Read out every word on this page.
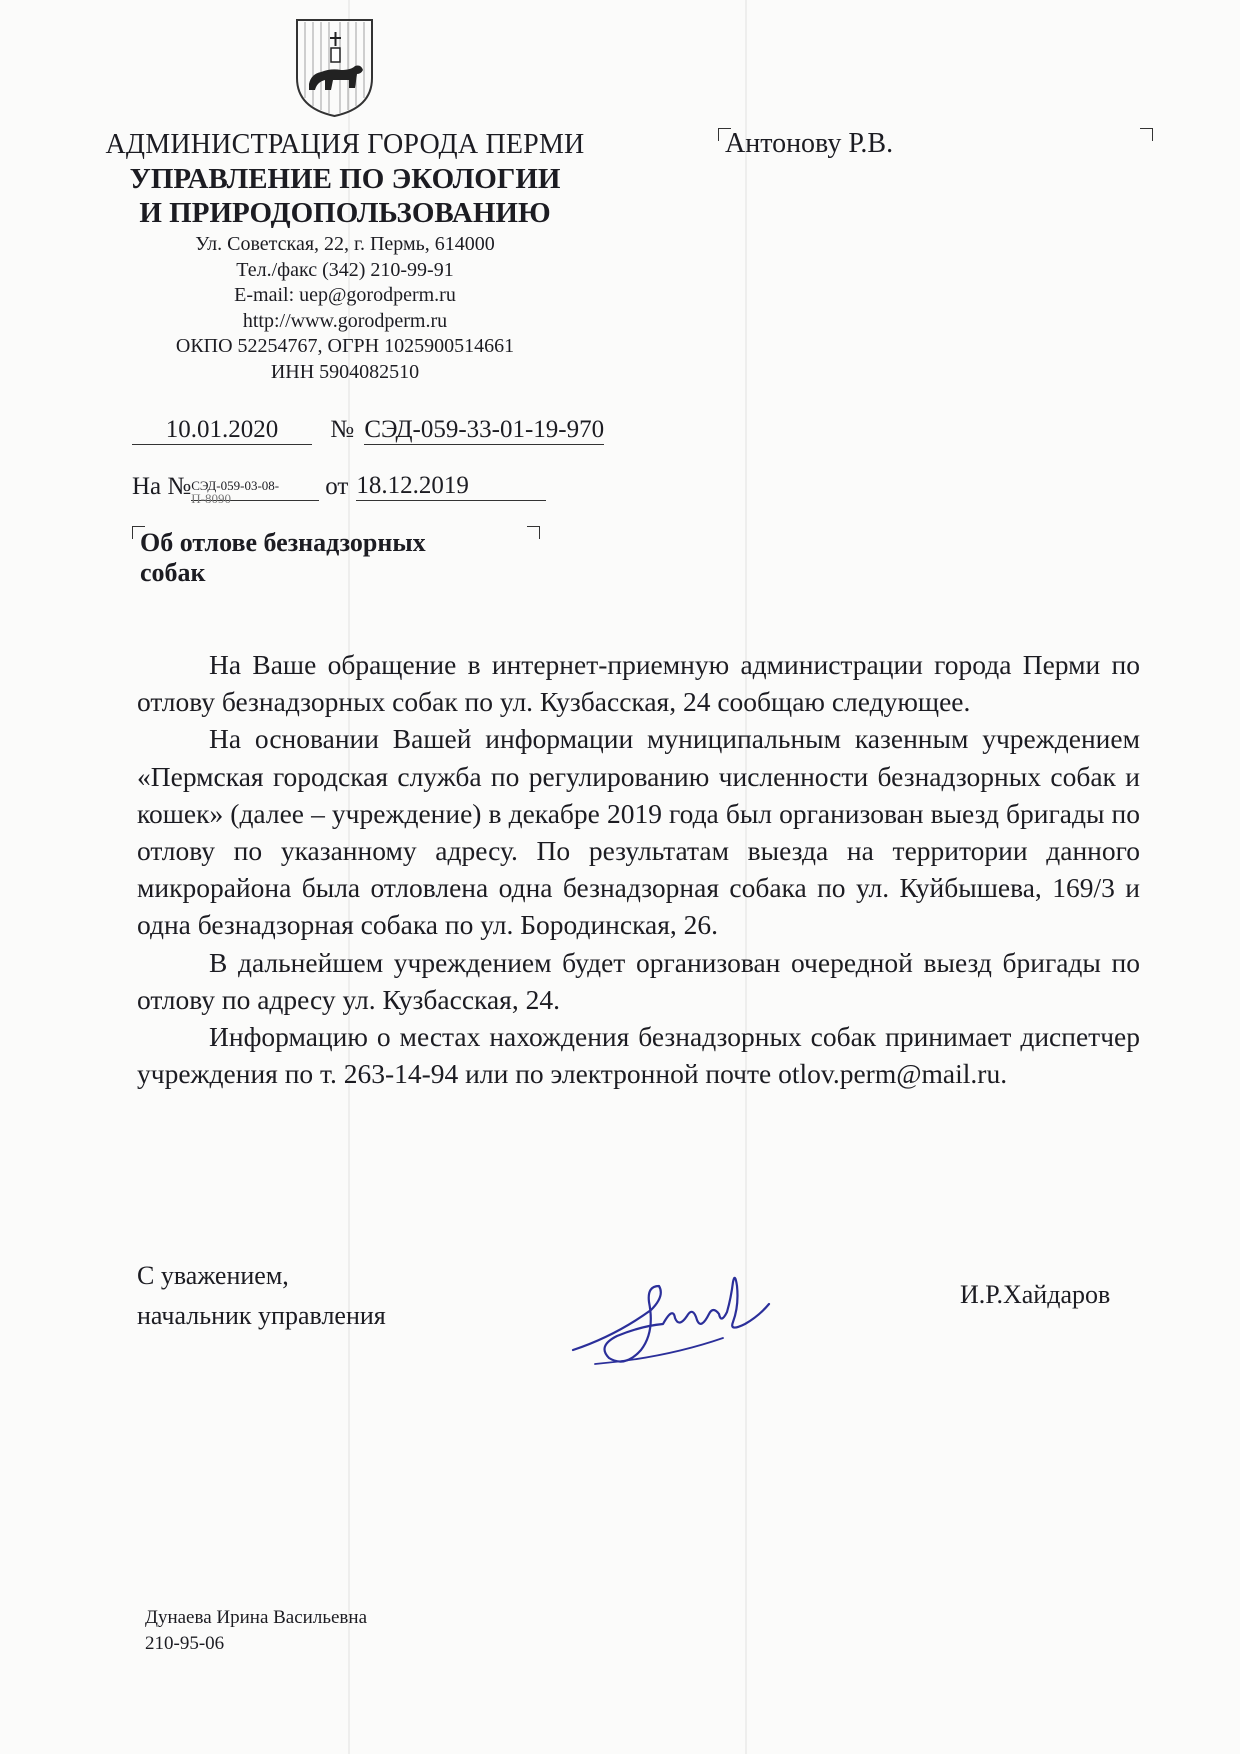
АДМИНИСТРАЦИЯ ГОРОДА ПЕРМИ
УПРАВЛЕНИЕ ПО ЭКОЛОГИИ
И ПРИРОДОПОЛЬЗОВАНИЮ
Ул. Советская, 22, г. Пермь, 614000
Тел./факс (342) 210-99-91
E-mail: uep@gorodperm.ru
http://www.gorodperm.ru
ОКПО 52254767, ОГРН 1025900514661
ИНН 5904082510
Антонову Р.В.
10.01.2020 № СЭД-059-33-01-19-970
На № СЭД-059-03-08-
П-8090	от 18.12.2019
Об отлове безнадзорных
собак

На Ваше обращение в интернет-приемную администрации города Перми по отлову безнадзорных собак по ул. Кузбасская, 24 сообщаю следующее.

На основании Вашей информации муниципальным казенным учреждением «Пермская городская служба по регулированию численности безнадзорных собак и кошек» (далее – учреждение) в декабре 2019 года был организован выезд бригады по отлову по указанному адресу. По результатам выезда на территории данного микрорайона была отловлена одна безнадзорная собака по ул. Куйбышева, 169/3 и одна безнадзорная собака по ул. Бородинская, 26.

В дальнейшем учреждением будет организован очередной выезд бригады по отлову по адресу ул. Кузбасская, 24.

Информацию о местах нахождения безнадзорных собак принимает диспетчер учреждения по т. 263-14-94 или по электронной почте otlov.perm@mail.ru.

С уважением,
начальник управления
И.Р.Хайдаров
Дунаева Ирина Васильевна
210-95-06
